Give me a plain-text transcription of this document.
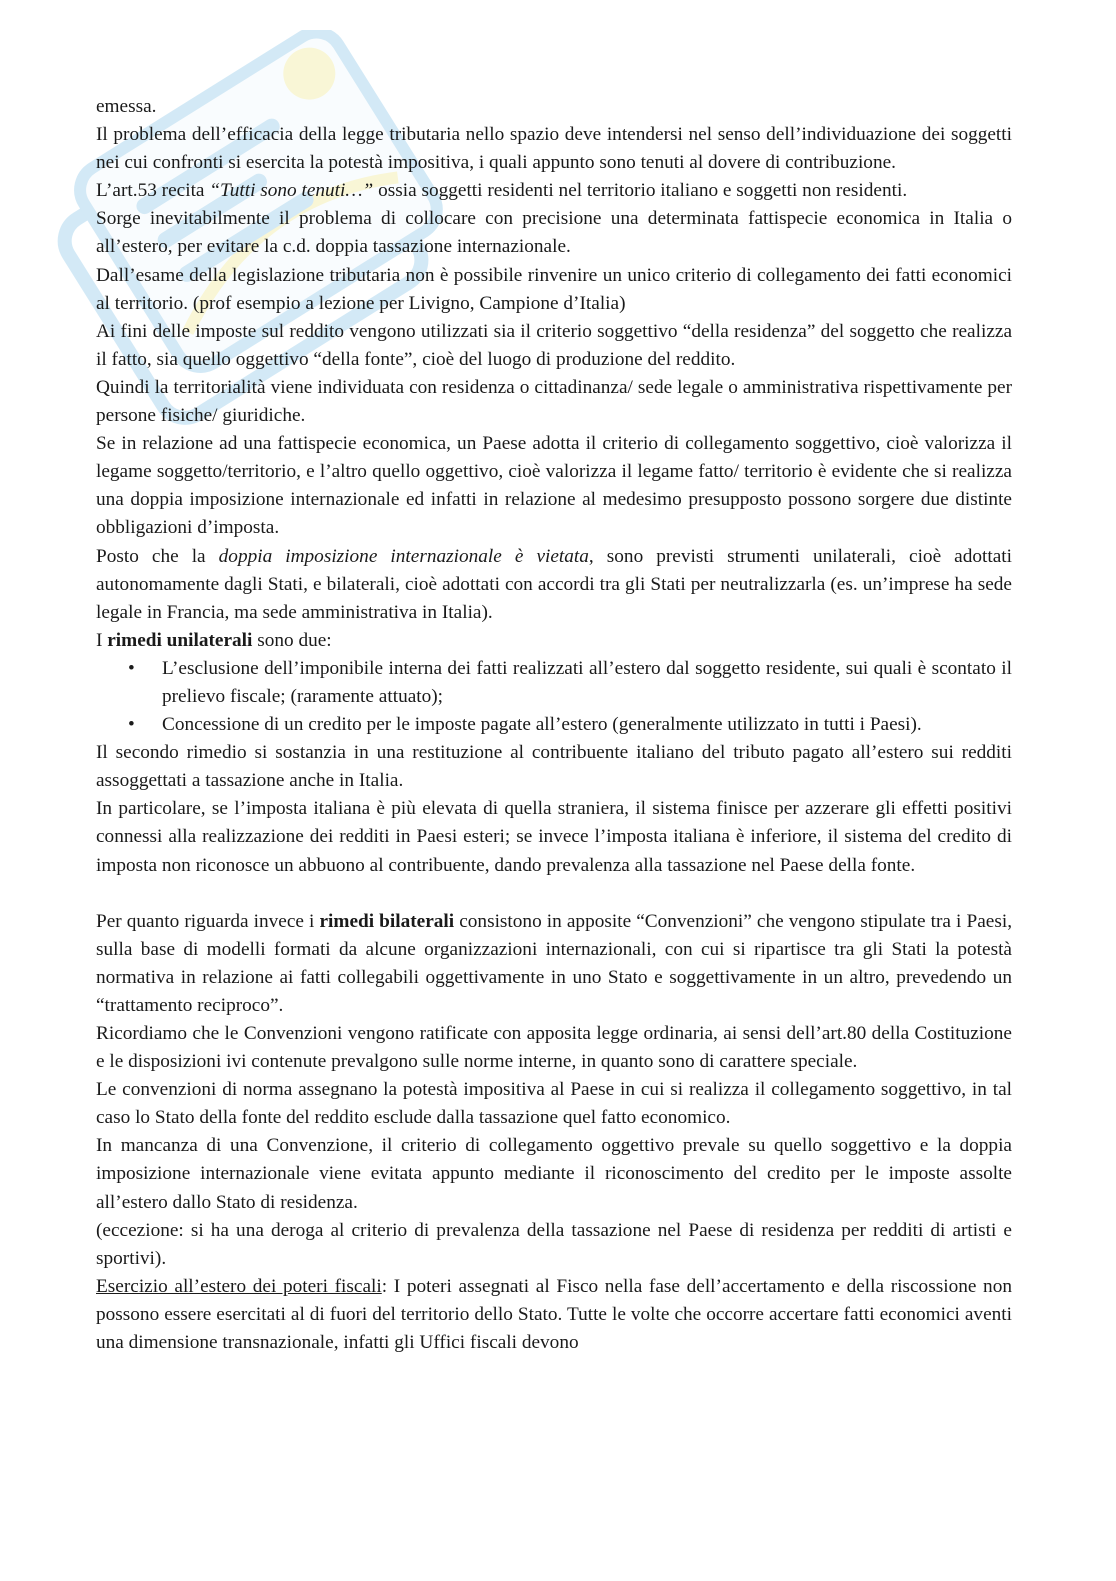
emessa.

Il problema dell’efficacia della legge tributaria nello spazio deve intendersi nel senso dell’individuazione dei soggetti nei cui confronti si esercita la potestà impositiva, i quali appunto sono tenuti al dovere di contribuzione.

L’art.53 recita “Tutti sono tenuti…” ossia soggetti residenti nel territorio italiano e soggetti non residenti.

Sorge inevitabilmente il problema di collocare con precisione una determinata fattispecie economica in Italia o all’estero, per evitare la c.d. doppia tassazione internazionale.

Dall’esame della legislazione tributaria non è possibile rinvenire un unico criterio di collegamento dei fatti economici al territorio. (prof esempio a lezione per Livigno, Campione d’Italia)

Ai fini delle imposte sul reddito vengono utilizzati sia il criterio soggettivo “della residenza” del soggetto che realizza il fatto, sia quello oggettivo “della fonte”, cioè del luogo di produzione del reddito.

Quindi la territorialità viene individuata con residenza o cittadinanza/ sede legale o amministrativa rispettivamente per persone fisiche/ giuridiche.

Se in relazione ad una fattispecie economica, un Paese adotta il criterio di collegamento soggettivo, cioè valorizza il legame soggetto/territorio, e l’altro quello oggettivo, cioè valorizza il legame fatto/ territorio è evidente che si realizza una doppia imposizione internazionale ed infatti in relazione al medesimo presupposto possono sorgere due distinte obbligazioni d’imposta.

Posto che la doppia imposizione internazionale è vietata, sono previsti strumenti unilaterali, cioè adottati autonomamente dagli Stati, e bilaterali, cioè adottati con accordi tra gli Stati per neutralizzarla (es. un’imprese ha sede legale in Francia, ma sede amministrativa in Italia).

I rimedi unilaterali sono due:

•
L’esclusione dell’imponibile interna dei fatti realizzati all’estero dal soggetto residente, sui quali è scontato il prelievo fiscale; (raramente attuato);
•
Concessione di un credito per le imposte pagate all’estero (generalmente utilizzato in tutti i Paesi).

Il secondo rimedio si sostanzia in una restituzione al contribuente italiano del tributo pagato all’estero sui redditi assoggettati a tassazione anche in Italia.

In particolare, se l’imposta italiana è più elevata di quella straniera, il sistema finisce per azzerare gli effetti positivi connessi alla realizzazione dei redditi in Paesi esteri; se invece l’imposta italiana è inferiore, il sistema del credito di imposta non riconosce un abbuono al contribuente, dando prevalenza alla tassazione nel Paese della fonte.

Per quanto riguarda invece i rimedi bilaterali consistono in apposite “Convenzioni” che vengono stipulate tra i Paesi, sulla base di modelli formati da alcune organizzazioni internazionali, con cui si ripartisce tra gli Stati la potestà normativa in relazione ai fatti collegabili oggettivamente in uno Stato e soggettivamente in un altro, prevedendo un “trattamento reciproco”.

Ricordiamo che le Convenzioni vengono ratificate con apposita legge ordinaria, ai sensi dell’art.80 della Costituzione e le disposizioni ivi contenute prevalgono sulle norme interne, in quanto sono di carattere speciale.

Le convenzioni di norma assegnano la potestà impositiva al Paese in cui si realizza il collegamento soggettivo, in tal caso lo Stato della fonte del reddito esclude dalla tassazione quel fatto economico.

In mancanza di una Convenzione, il criterio di collegamento oggettivo prevale su quello soggettivo e la doppia imposizione internazionale viene evitata appunto mediante il riconoscimento del credito per le imposte assolte all’estero dallo Stato di residenza.

(eccezione: si ha una deroga al criterio di prevalenza della tassazione nel Paese di residenza per redditi di artisti e sportivi).

Esercizio all’estero dei poteri fiscali: I poteri assegnati al Fisco nella fase dell’accertamento e della riscossione non possono essere esercitati al di fuori del territorio dello Stato. Tutte le volte che occorre accertare fatti economici aventi una dimensione transnazionale, infatti gli Uffici fiscali devono
